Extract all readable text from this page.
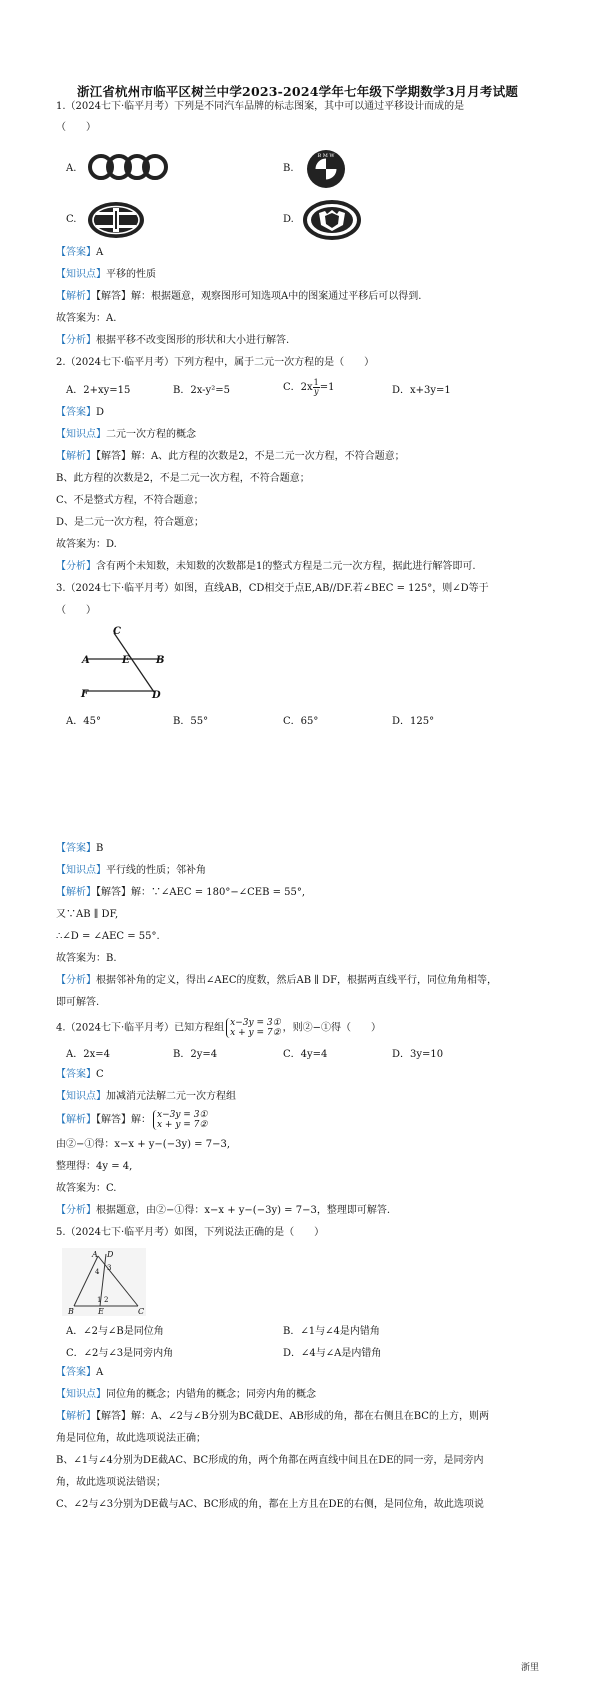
浙江省杭州市临平区树兰中学2023-2024学年七年级下学期数学3月月考试题
1.（2024七下·临平月考）下列是不同汽车品牌的标志图案，其中可以通过平移设计而成的是
（　　）
A.	B.
B M W
C.	D.
【答案】A
【知识点】平移的性质
【解析】【解答】解：根据题意，观察图形可知选项A中的图案通过平移后可以得到.
故答案为：A.
【分析】根据平移不改变图形的形状和大小进行解答.
2.（2024七下·临平月考）下列方程中，属于二元一次方程的是（　　）
A．2+xy=15	B．2x-y²=5	C．$2x \frac{1}{y} =1$	D．x+3y=1
【答案】D
【知识点】二元一次方程的概念
【解析】【解答】解：A、此方程的次数是2，不是二元一次方程，不符合题意；
B、此方程的次数是2，不是二元一次方程，不符合题意；
C、不是整式方程，不符合题意；
D、是二元一次方程，符合题意；
故答案为：D.
【分析】含有两个未知数，未知数的次数都是1的整式方程是二元一次方程，据此进行解答即可.
3.（2024七下·临平月考）如图，直线AB，CD相交于点E,AB//DF.若∠BEC = 125°，则∠D等于
（　　）
C
A	E	B
F	D
A．45°	B．55°	C．65°	D．125°
【答案】B
【知识点】平行线的性质；邻补角
【解析】【解答】解：∵∠AEC = 180°−∠CEB = 55°,
又∵AB ∥ DF,
∴∠D = ∠AEC = 55°.
故答案为：B.
【分析】根据邻补角的定义，得出∠AEC的度数，然后AB ∥ DF，根据两直线平行，同位角角相等，
即可解答.
4.（2024七下·临平月考）已知方程组 x−3y = 3①
x + y = 7② ，则②−①得（　　）
A．2x=4	B．2y=4	C．4y=4	D．3y=10
【答案】C
【知识点】加减消元法解二元一次方程组
【解析】【解答】解： x−3y = 3①
x + y = 7②
由②−①得：x−x + y−(−3y) = 7−3,
整理得：4y = 4,
故答案为：C.
【分析】根据题意，由②−①得：x−x + y−(−3y) = 7−3，整理即可解答.
5.（2024七下·临平月考）如图，下列说法正确的是（　　）
A D
B	E	C
3
4
1 2
A．∠2与∠B是同位角	B．∠1与∠4是内错角
C．∠2与∠3是同旁内角	D．∠4与∠A是内错角
【答案】A
【知识点】同位角的概念；内错角的概念；同旁内角的概念
【解析】【解答】解：A、∠2与∠B分别为BC截DE、AB形成的角，都在右侧且在BC的上方，则两
角是同位角，故此选项说法正确；
B、∠1与∠4分别为DE截AC、BC形成的角，两个角都在两直线中间且在DE的同一旁，是同旁内
角，故此选项说法错误；
C、∠2与∠3分别为DE截与AC、BC形成的角，都在上方且在DE的右侧，是同位角，故此选项说
浙里
